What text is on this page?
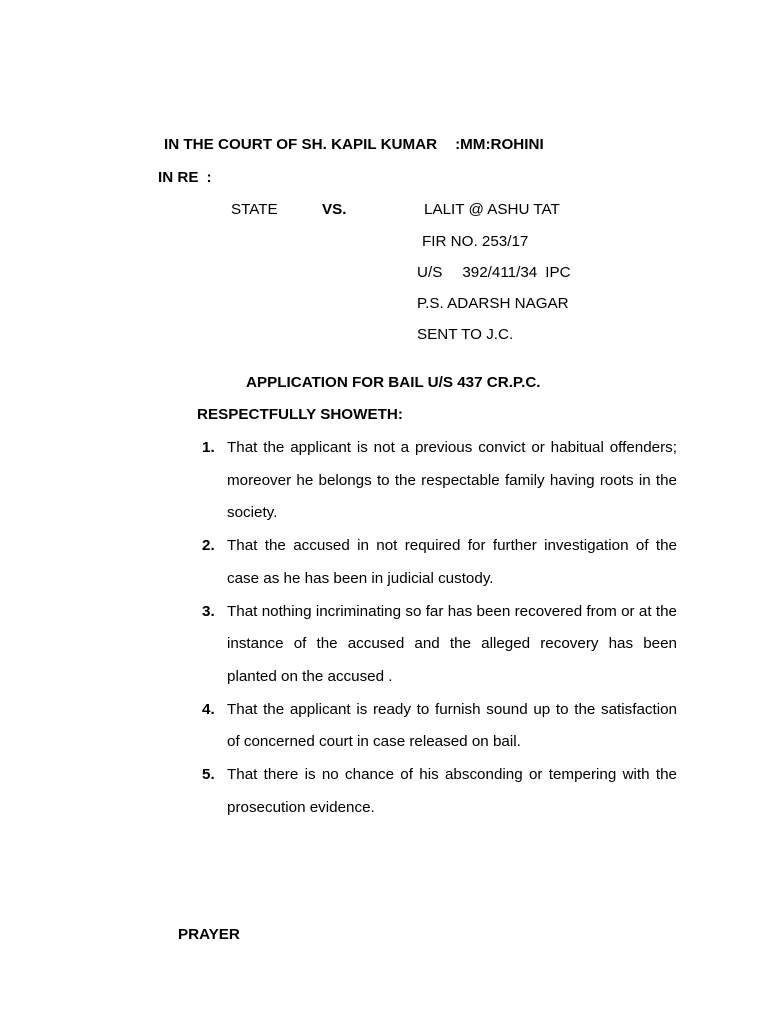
IN THE COURT OF SH. KAPIL KUMAR :MM:ROHINI
IN RE :
STATE	VS.	LALIT @ ASHU TAT
FIR NO. 253/17
U/S 392/411/34 IPC
P.S. ADARSH NAGAR
SENT TO J.C.
APPLICATION FOR BAIL U/S 437 CR.P.C.
RESPECTFULLY SHOWETH:
1. That the applicant is not a previous convict or habitual offenders; moreover he belongs to the respectable family having roots in the society.
2. That the accused in not required for further investigation of the case as he has been in judicial custody.
3. That nothing incriminating so far has been recovered from or at the instance of the accused and the alleged recovery has been planted on the accused .
4. That the applicant is ready to furnish sound up to the satisfaction of concerned court in case released on bail.
5. That there is no chance of his absconding or tempering with the prosecution evidence.
PRAYER
